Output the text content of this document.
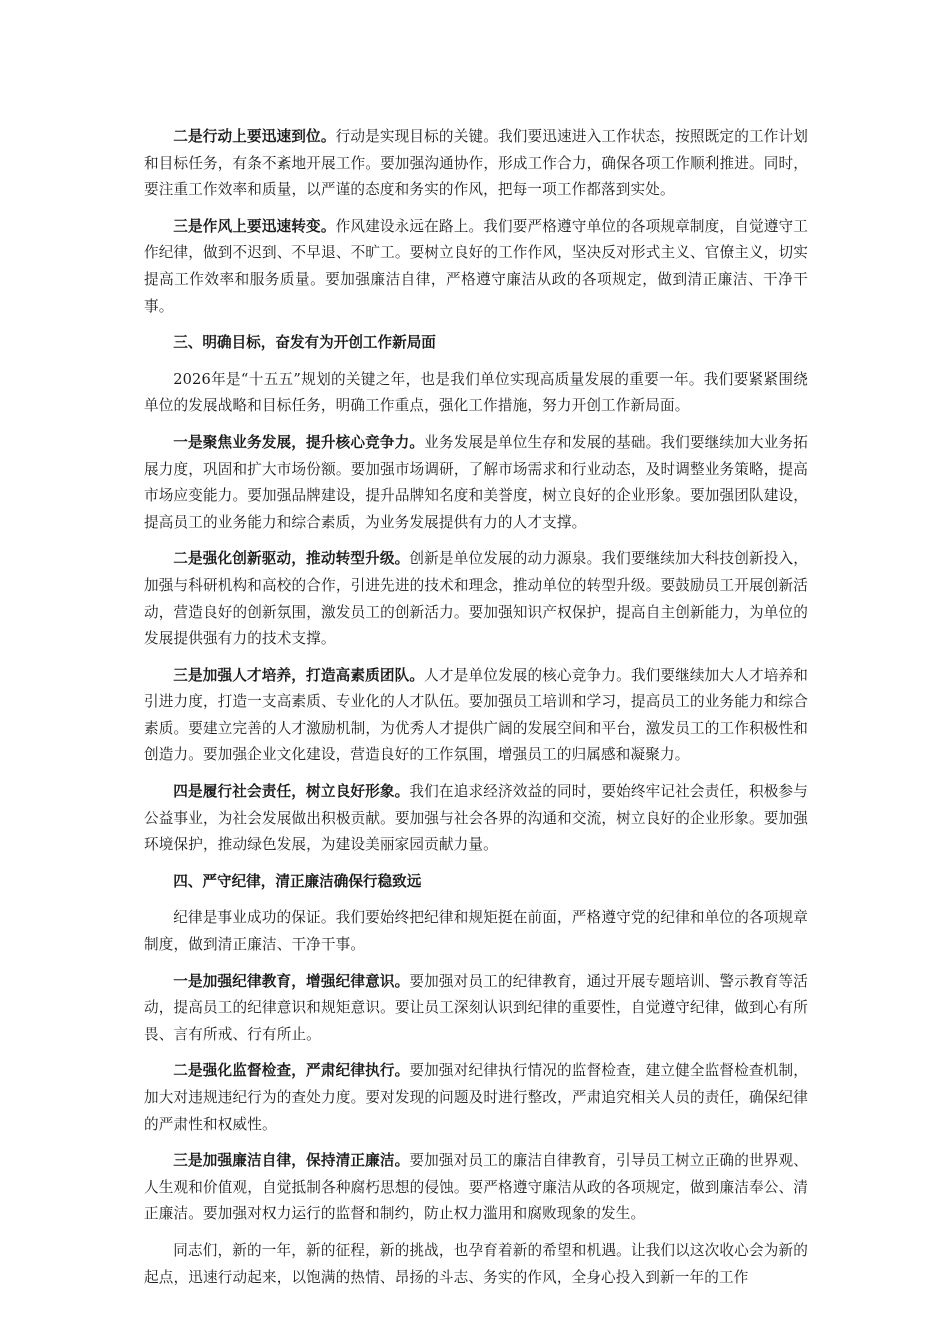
二是行动上要迅速到位。行动是实现目标的关键。我们要迅速进入工作状态，按照既定的工作计划和目标任务，有条不紊地开展工作。要加强沟通协作，形成工作合力，确保各项工作顺利推进。同时，要注重工作效率和质量，以严谨的态度和务实的作风，把每一项工作都落到实处。

三是作风上要迅速转变。作风建设永远在路上。我们要严格遵守单位的各项规章制度，自觉遵守工作纪律，做到不迟到、不早退、不旷工。要树立良好的工作作风，坚决反对形式主义、官僚主义，切实提高工作效率和服务质量。要加强廉洁自律，严格遵守廉洁从政的各项规定，做到清正廉洁、干净干事。

三、明确目标，奋发有为开创工作新局面

2026年是“十五五”规划的关键之年，也是我们单位实现高质量发展的重要一年。我们要紧紧围绕单位的发展战略和目标任务，明确工作重点，强化工作措施，努力开创工作新局面。

一是聚焦业务发展，提升核心竞争力。业务发展是单位生存和发展的基础。我们要继续加大业务拓展力度，巩固和扩大市场份额。要加强市场调研，了解市场需求和行业动态，及时调整业务策略，提高市场应变能力。要加强品牌建设，提升品牌知名度和美誉度，树立良好的企业形象。要加强团队建设，提高员工的业务能力和综合素质，为业务发展提供有力的人才支撑。

二是强化创新驱动，推动转型升级。创新是单位发展的动力源泉。我们要继续加大科技创新投入，加强与科研机构和高校的合作，引进先进的技术和理念，推动单位的转型升级。要鼓励员工开展创新活动，营造良好的创新氛围，激发员工的创新活力。要加强知识产权保护，提高自主创新能力，为单位的发展提供强有力的技术支撑。

三是加强人才培养，打造高素质团队。人才是单位发展的核心竞争力。我们要继续加大人才培养和引进力度，打造一支高素质、专业化的人才队伍。要加强员工培训和学习，提高员工的业务能力和综合素质。要建立完善的人才激励机制，为优秀人才提供广阔的发展空间和平台，激发员工的工作积极性和创造力。要加强企业文化建设，营造良好的工作氛围，增强员工的归属感和凝聚力。

四是履行社会责任，树立良好形象。我们在追求经济效益的同时，要始终牢记社会责任，积极参与公益事业，为社会发展做出积极贡献。要加强与社会各界的沟通和交流，树立良好的企业形象。要加强环境保护，推动绿色发展，为建设美丽家园贡献力量。

四、严守纪律，清正廉洁确保行稳致远

纪律是事业成功的保证。我们要始终把纪律和规矩挺在前面，严格遵守党的纪律和单位的各项规章制度，做到清正廉洁、干净干事。

一是加强纪律教育，增强纪律意识。要加强对员工的纪律教育，通过开展专题培训、警示教育等活动，提高员工的纪律意识和规矩意识。要让员工深刻认识到纪律的重要性，自觉遵守纪律，做到心有所畏、言有所戒、行有所止。

二是强化监督检查，严肃纪律执行。要加强对纪律执行情况的监督检查，建立健全监督检查机制，加大对违规违纪行为的查处力度。要对发现的问题及时进行整改，严肃追究相关人员的责任，确保纪律的严肃性和权威性。

三是加强廉洁自律，保持清正廉洁。要加强对员工的廉洁自律教育，引导员工树立正确的世界观、人生观和价值观，自觉抵制各种腐朽思想的侵蚀。要严格遵守廉洁从政的各项规定，做到廉洁奉公、清正廉洁。要加强对权力运行的监督和制约，防止权力滥用和腐败现象的发生。

同志们，新的一年，新的征程，新的挑战，也孕育着新的希望和机遇。让我们以这次收心会为新的起点，迅速行动起来，以饱满的热情、昂扬的斗志、务实的作风，全身心投入到新一年的工作
